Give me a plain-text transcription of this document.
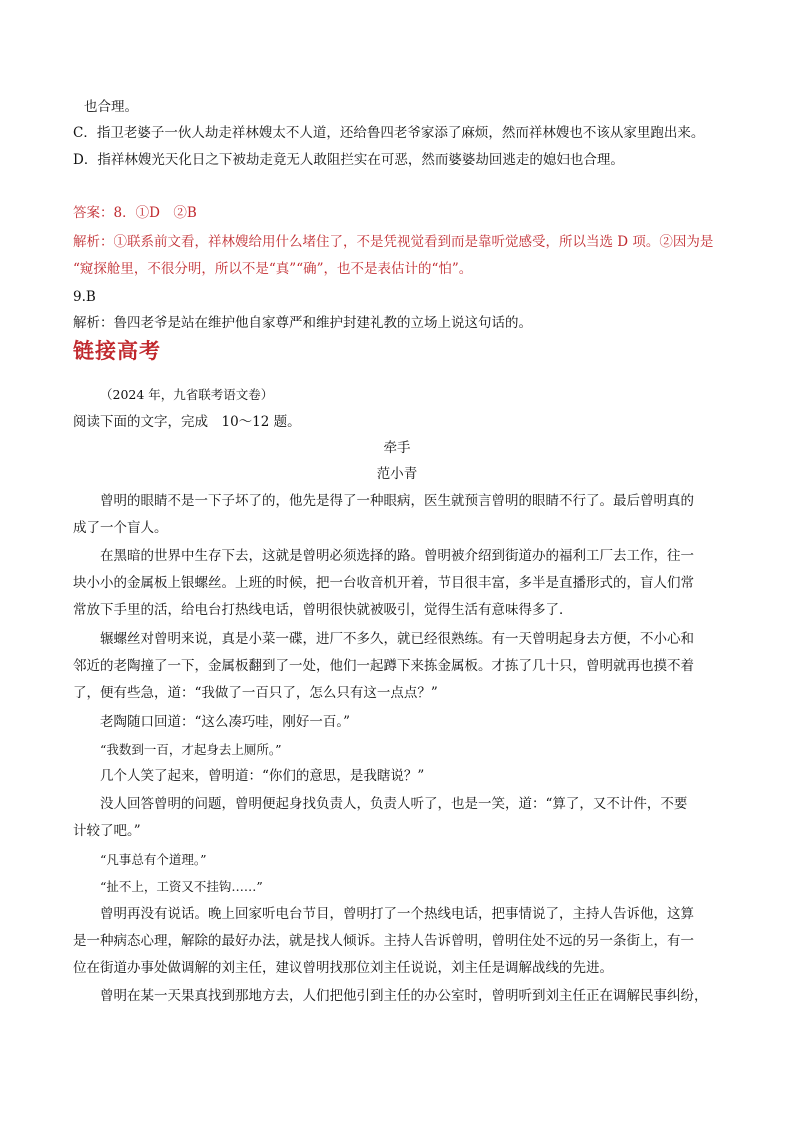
也合理。
C．指卫老婆子一伙人劫走祥林嫂太不人道，还给鲁四老爷家添了麻烦，然而祥林嫂也不该从家里跑出来。
D．指祥林嫂光天化日之下被劫走竟无人敢阻拦实在可恶，然而婆婆劫回逃走的媳妇也合理。
答案：8．①D　②B
解析：①联系前文看，祥林嫂给用什么堵住了，不是凭视觉看到而是靠听觉感受，所以当选 D 项。②因为是
“窥探舱里，不很分明，所以不是“真”“确”，也不是表估计的“怕”。
9.B
解析：鲁四老爷是站在维护他自家尊严和维护封建礼教的立场上说这句话的。
链接高考
（2024 年，九省联考语文卷）
阅读下面的文字，完成　10～12 题。
牵手
范小青
曾明的眼睛不是一下子坏了的，他先是得了一种眼病，医生就预言曾明的眼睛不行了。最后曾明真的
成了一个盲人。
在黑暗的世界中生存下去，这就是曾明必须选择的路。曾明被介绍到街道办的福利工厂去工作，往一
块小小的金属板上银螺丝。上班的时候，把一台收音机开着，节目很丰富，多半是直播形式的，盲人们常
常放下手里的活，给电台打热线电话，曾明很快就被吸引，觉得生活有意味得多了．
辗螺丝对曾明来说，真是小菜一碟，进厂不多久，就已经很熟练。有一天曾明起身去方便，不小心和
邻近的老陶撞了一下，金属板翻到了一处，他们一起蹲下来拣金属板。才拣了几十只，曾明就再也摸不着
了，便有些急，道：“我做了一百只了，怎么只有这一点点？”
老陶随口回道：“这么凑巧哇，刚好一百。”
“我数到一百，才起身去上厕所。”
几个人笑了起来，曾明道：“你们的意思，是我瞎说？”
没人回答曾明的问题，曾明便起身找负责人，负责人听了，也是一笑，道：“算了，又不计件，不要
计较了吧。”
“凡事总有个道理。”
“扯不上，工资又不挂钩……”
曾明再没有说话。晚上回家听电台节目，曾明打了一个热线电话，把事情说了，主持人告诉他，这算
是一种病态心理，解除的最好办法，就是找人倾诉。主持人告诉曾明，曾明住处不远的另一条街上，有一
位在街道办事处做调解的刘主任，建议曾明找那位刘主任说说，刘主任是调解战线的先进。
曾明在某一天果真找到那地方去，人们把他引到主任的办公室时，曾明听到刘主任正在调解民事纠纷，
